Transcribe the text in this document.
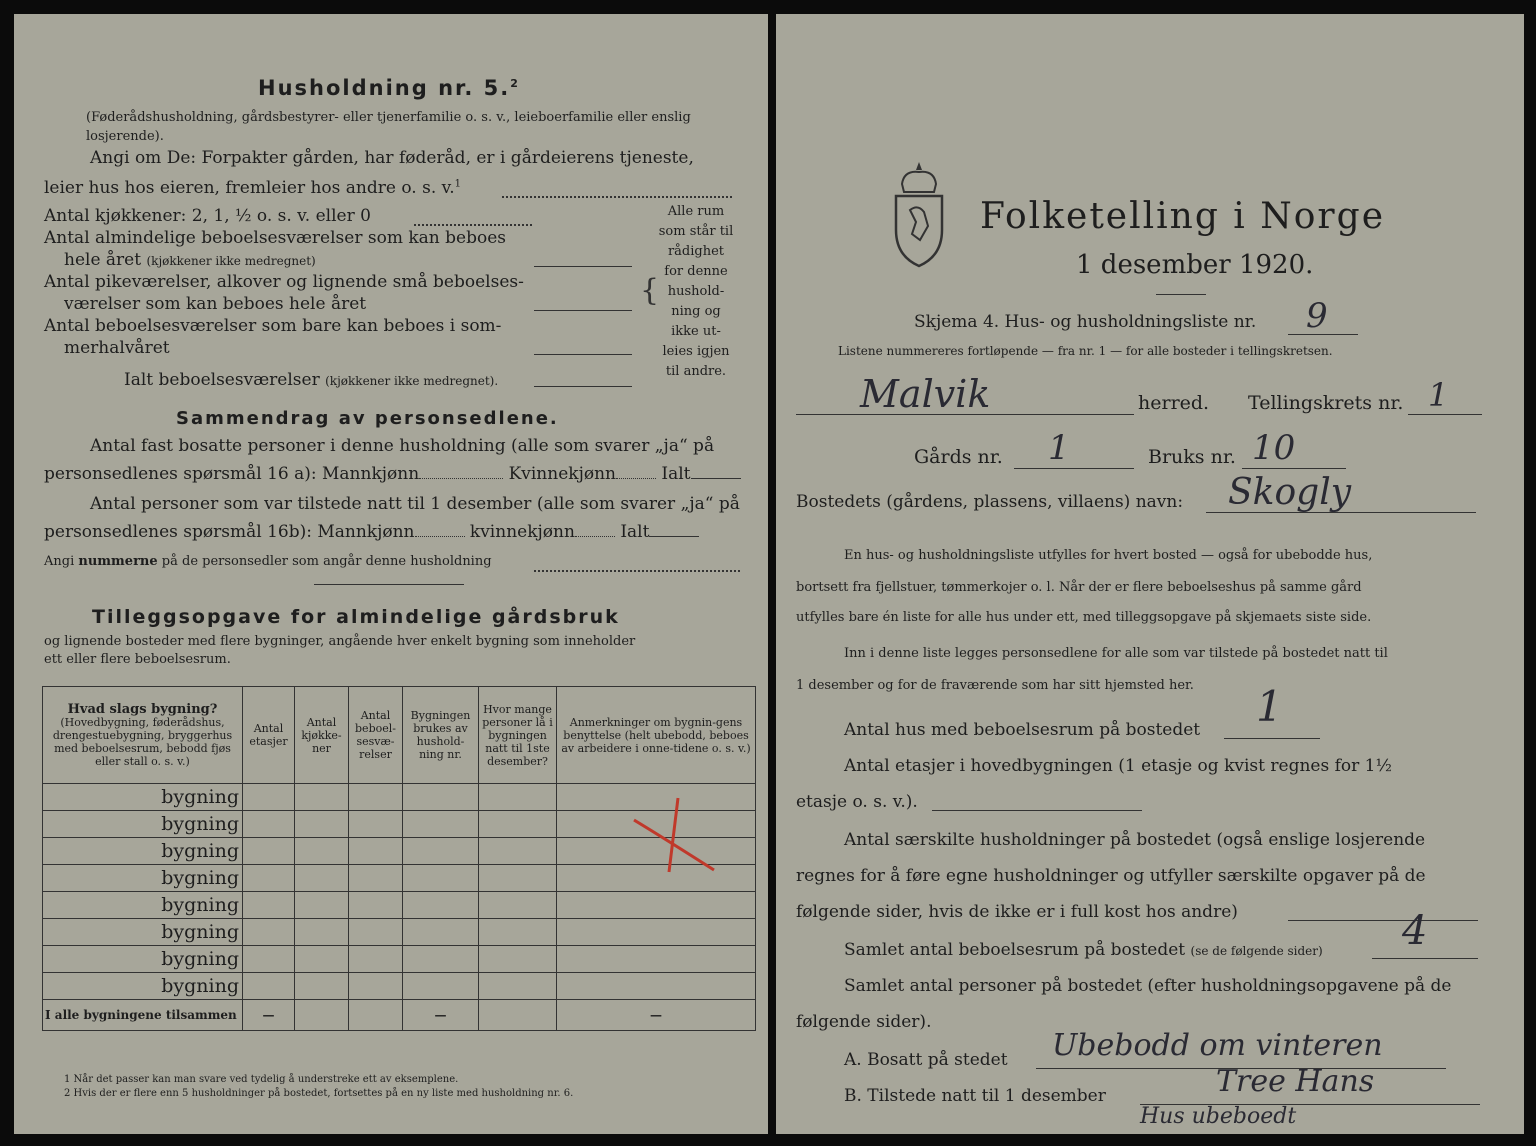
Husholdning nr. 5.$^2$
(Føderådshusholdning, gårdsbestyrer- eller tjenerfamilie o. s. v., leieboerfamilie eller enslig losjerende).
Angi om De: Forpakter gården, har føderåd, er i gårdeierens tjeneste,
leier hus hos eieren, fremleier hos andre o. s. v.$^1$
Antal kjøkkener: 2, 1, ½ o. s. v. eller 0
Antal almindelige beboelsesværelser som kan beboes
hele året (kjøkkener ikke medregnet)
Antal pikeværelser, alkover og lignende små beboelses-
værelser som kan beboes hele året
Antal beboelsesværelser som bare kan beboes i som-
merhalvåret
Ialt beboelsesværelser (kjøkkener ikke medregnet).
{
Alle rum
som står til
rådighet
for denne
hushold-
ning og
ikke ut-
leies igjen
til andre.
Sammendrag av personsedlene.
Antal fast bosatte personer i denne husholdning (alle som svarer „ja“ på
personsedlenes spørsmål 16 a): Mannkjønn	Kvinnekjønn	Ialt
Antal personer som var tilstede natt til 1 desember (alle som svarer „ja“ på
personsedlenes spørsmål 16b): Mannkjønn	kvinnekjønn	Ialt
Angi nummerne på de personsedler som angår denne husholdning
Tilleggsopgave for almindelige gårdsbruk
og lignende bosteder med flere bygninger, angående hver enkelt bygning som inneholder
ett eller flere beboelsesrum.
Hvad slags bygning?
(Hovedbygning, føderådshus, drengestuebygning, bryggerhus med beboelsesrum, bebodd fjøs eller stall o. s. v.)	Antal etasjer	Antal kjøkke-ner	Antal beboel-sesvæ-relser	Bygningen brukes av hushold-ning nr.	Hvor mange personer lå i bygningen natt til 1ste desember?	Anmerkninger om bygnin-gens benyttelse (helt ubebodd, beboes av arbeidere i onne-tidene o. s. v.)
bygning						
bygning						
bygning						
bygning						
bygning						
bygning						
bygning						
bygning						
I alle bygningene tilsammen	—			—		—
1 Når det passer kan man svare ved tydelig å understreke ett av eksemplene.
2 Hvis der er flere enn 5 husholdninger på bostedet, fortsettes på en ny liste med husholdning nr. 6.
Folketelling i Norge
1 desember 1920.
Skjema 4. Hus- og husholdningsliste nr. 9
Listene nummereres fortløpende — fra nr. 1 — for alle bosteder i tellingskretsen.
Malvik	herred. Tellingskrets nr. 1
Gårds nr. 1	Bruks nr. 10
Bostedets (gårdens, plassens, villaens) navn: Skogly
En hus- og husholdningsliste utfylles for hvert bosted — også for ubebodde hus,
bortsett fra fjellstuer, tømmerkojer o. l. Når der er flere beboelseshus på samme gård
utfylles bare én liste for alle hus under ett, med tilleggsopgave på skjemaets siste side.
Inn i denne liste legges personsedlene for alle som var tilstede på bostedet natt til
1 desember og for de fraværende som har sitt hjemsted her.
Antal hus med beboelsesrum på bostedet 1
Antal etasjer i hovedbygningen (1 etasje og kvist regnes for 1½
etasje o. s. v.).
Antal særskilte husholdninger på bostedet (også enslige losjerende
regnes for å føre egne husholdninger og utfyller særskilte opgaver på de
følgende sider, hvis de ikke er i full kost hos andre)
Samlet antal beboelsesrum på bostedet (se de følgende sider) 4
Samlet antal personer på bostedet (efter husholdningsopgavene på de
følgende sider).
A. Bosatt på stedet Ubebodd om vinteren
B. Tilstede natt til 1 desember	Tree Hans
Hus ubeboedt
